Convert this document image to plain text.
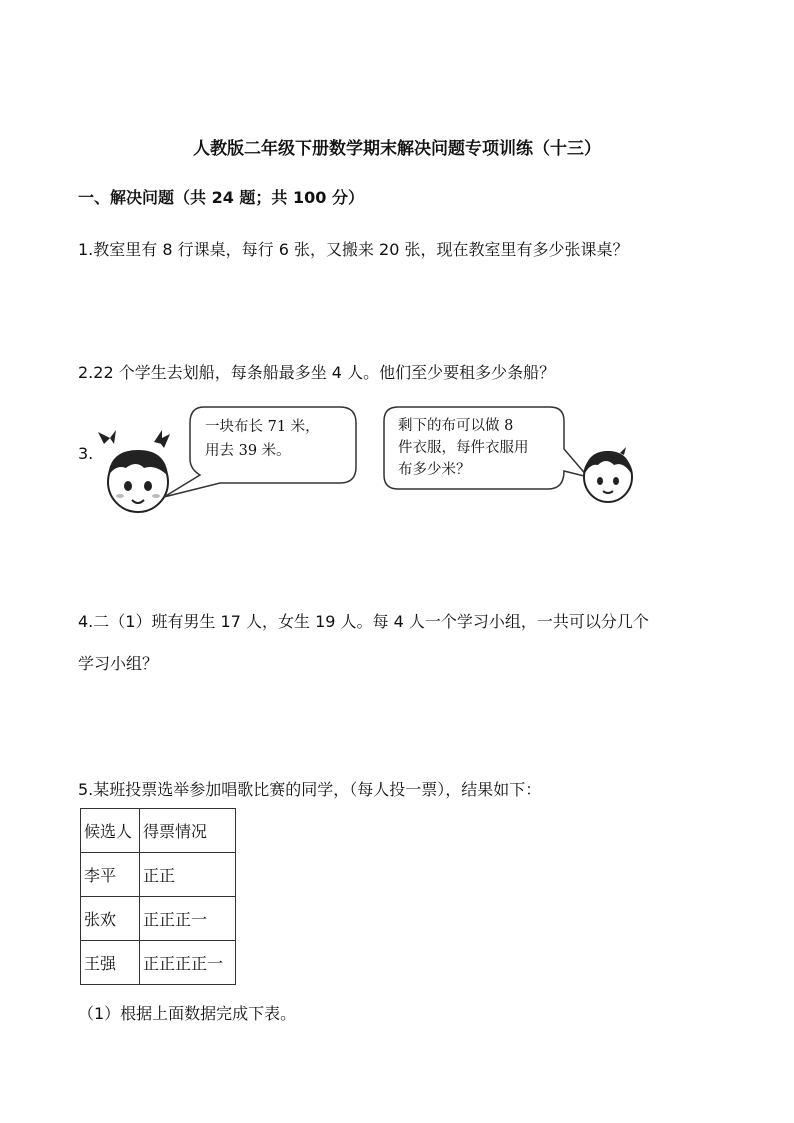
人教版二年级下册数学期末解决问题专项训练（十三）
一、解决问题（共 24 题；共 100 分）
1.教室里有 8 行课桌，每行 6 张，又搬来 20 张，现在教室里有多少张课桌？
2.22 个学生去划船，每条船最多坐 4 人。他们至少要租多少条船？
3.
一块布长 71 米，
用去 39 米。
剩下的布可以做 8
件衣服，每件衣服用
布多少米？
4.二（1）班有男生 17 人，女生 19 人。每 4 人一个学习小组，一共可以分几个
学习小组？
5.某班投票选举参加唱歌比赛的同学，（每人投一票），结果如下：
候选人	得票情况
李平	正正
张欢	正正正一
王强	正正正正一
（1）根据上面数据完成下表。
